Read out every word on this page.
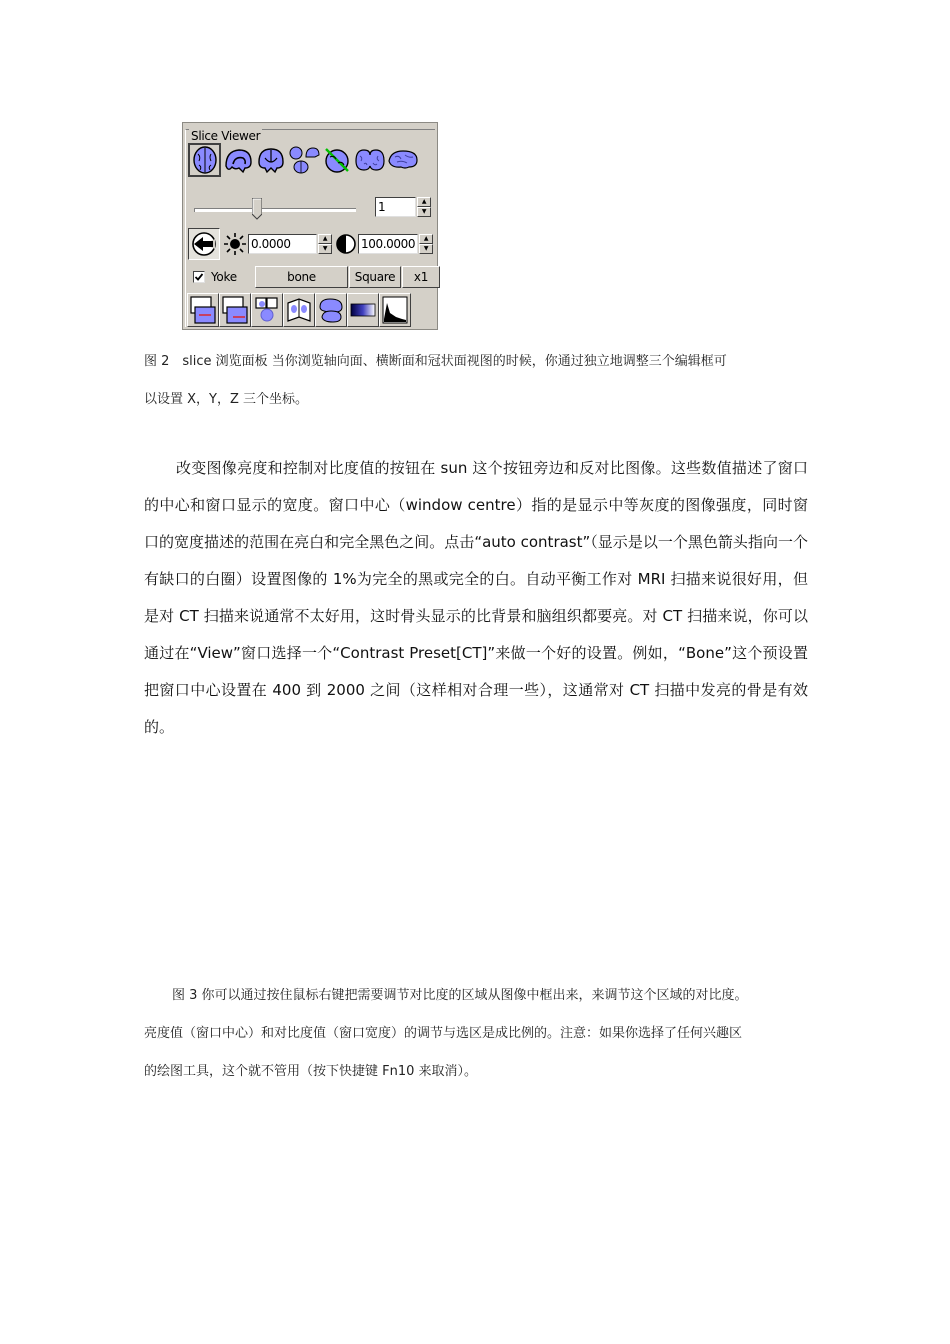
Slice Viewer
1	▲
▼
0.0000	▲
▼	100.0000	▲
▼
Yoke	bone	Square	x1
图 2　slice 浏览面板 当你浏览轴向面、横断面和冠状面视图的时候，你通过独立地调整三个编辑框可
以设置 X，Y，Z 三个坐标。

改变图像亮度和控制对比度值的按钮在 sun 这个按钮旁边和反对比图像。这些数值描述了窗口的中心和窗口显示的宽度。窗口中心（window centre）指的是显示中等灰度的图像强度，同时窗口的宽度描述的范围在亮白和完全黑色之间。点击“auto contrast”（显示是以一个黑色箭头指向一个有缺口的白圈）设置图像的 1%为完全的黑或完全的白。自动平衡工作对 MRI 扫描来说很好用，但是对 CT 扫描来说通常不太好用，这时骨头显示的比背景和脑组织都要亮。对 CT 扫描来说，你可以通过在“View”窗口选择一个“Contrast Preset[CT]”来做一个好的设置。例如，“Bone”这个预设置把窗口中心设置在 400 到 2000 之间（这样相对合理一些），这通常对 CT 扫描中发亮的骨是有效的。

图 3 你可以通过按住鼠标右键把需要调节对比度的区域从图像中框出来，来调节这个区域的对比度。
亮度值（窗口中心）和对比度值（窗口宽度）的调节与选区是成比例的。注意：如果你选择了任何兴趣区
的绘图工具，这个就不管用（按下快捷键 Fn10 来取消）。
